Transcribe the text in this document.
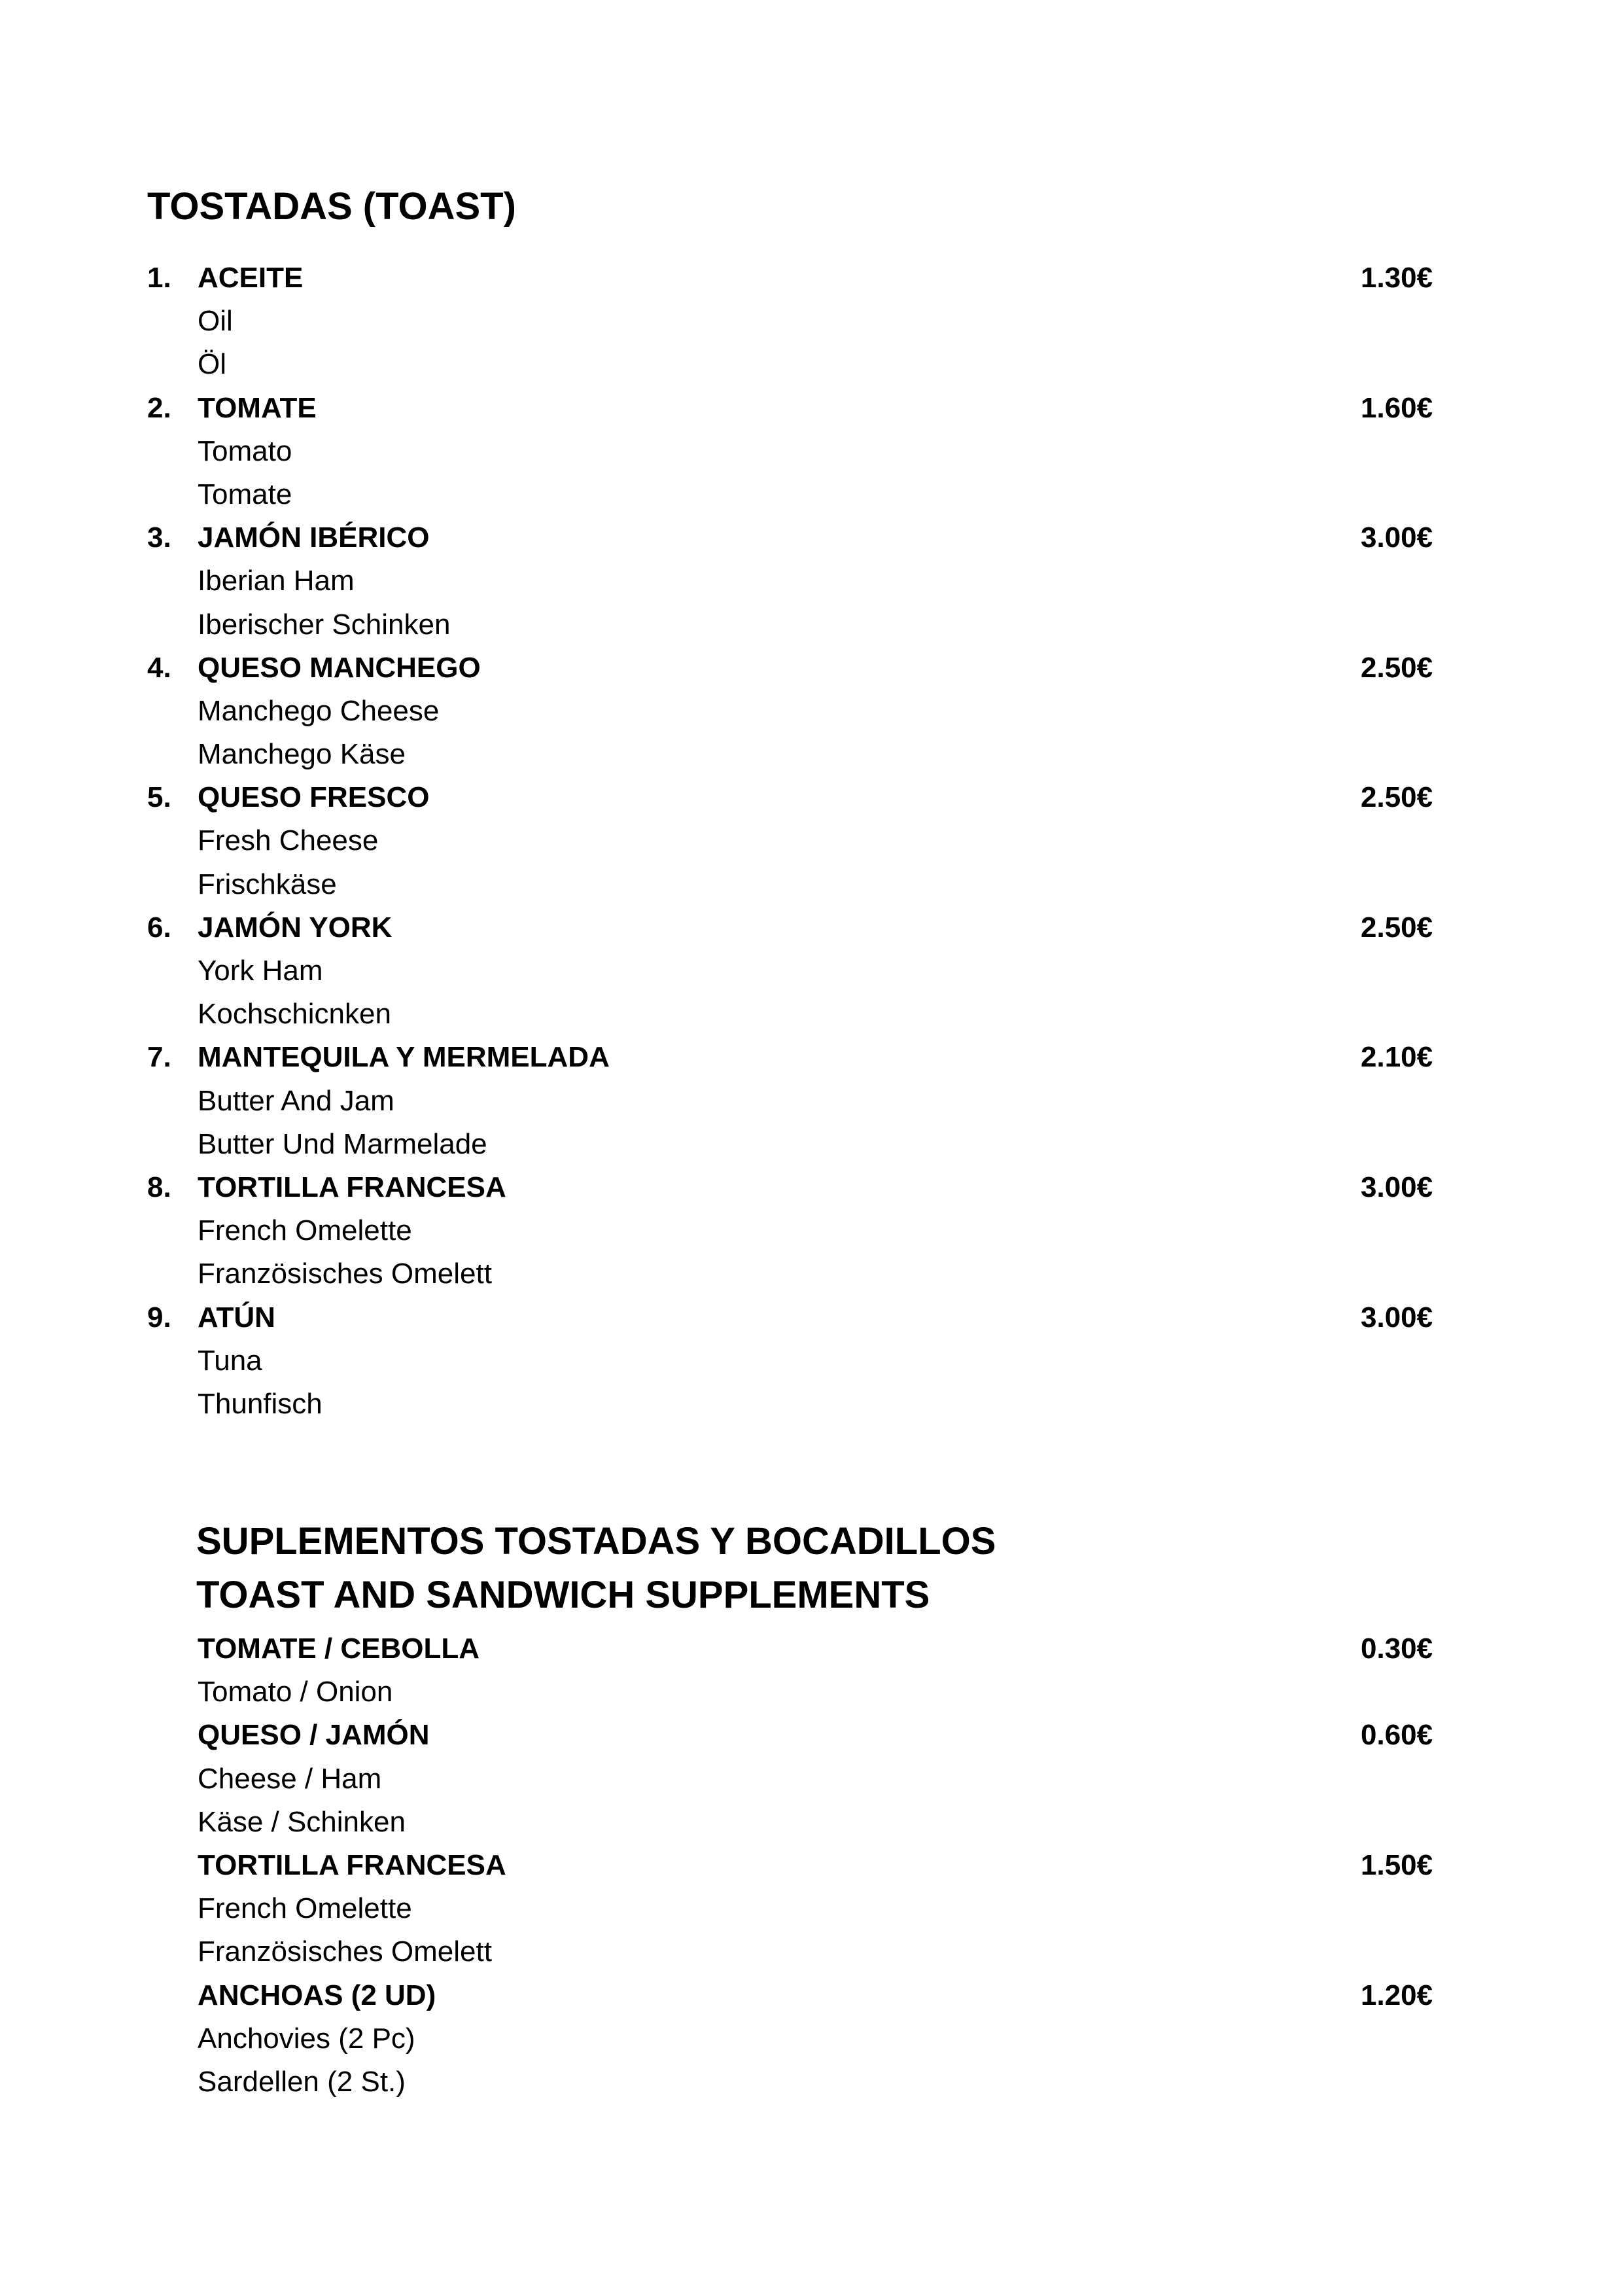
TOSTADAS (TOAST)
1. ACEITE	1.30€
Oil
Öl
2. TOMATE	1.60€
Tomato
Tomate
3. JAMÓN IBÉRICO	3.00€
Iberian Ham
Iberischer Schinken
4. QUESO MANCHEGO	2.50€
Manchego Cheese
Manchego Käse
5. QUESO FRESCO	2.50€
Fresh Cheese
Frischkäse
6. JAMÓN YORK	2.50€
York Ham
Kochschicnken
7. MANTEQUILA Y MERMELADA	2.10€
Butter And Jam
Butter Und Marmelade
8. TORTILLA FRANCESA	3.00€
French Omelette
Französisches Omelett
9. ATÚN	3.00€
Tuna
Thunfisch
SUPLEMENTOS TOSTADAS Y BOCADILLOS
TOAST AND SANDWICH SUPPLEMENTS
TOMATE / CEBOLLA	0.30€
Tomato / Onion
QUESO / JAMÓN	0.60€
Cheese / Ham
Käse / Schinken
TORTILLA FRANCESA	1.50€
French Omelette
Französisches Omelett
ANCHOAS (2 UD)	1.20€
Anchovies (2 Pc)
Sardellen (2 St.)
